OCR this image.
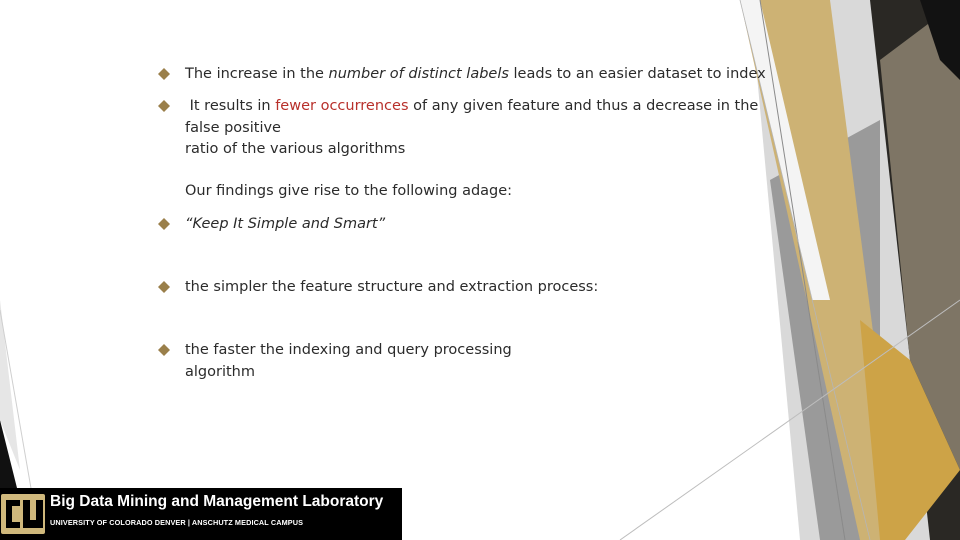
The increase in the number of distinct labels leads to an easier dataset to index
It results in fewer occurrences of any given feature and thus a decrease in the
false positive
ratio of the various algorithms
Our findings give rise to the following adage:
“Keep It Simple and Smart”
the simpler the feature structure and extraction process:
the faster the indexing and query processing
algorithm
Big Data Mining and Management Laboratory
UNIVERSITY OF COLORADO DENVER | ANSCHUTZ MEDICAL CAMPUS
